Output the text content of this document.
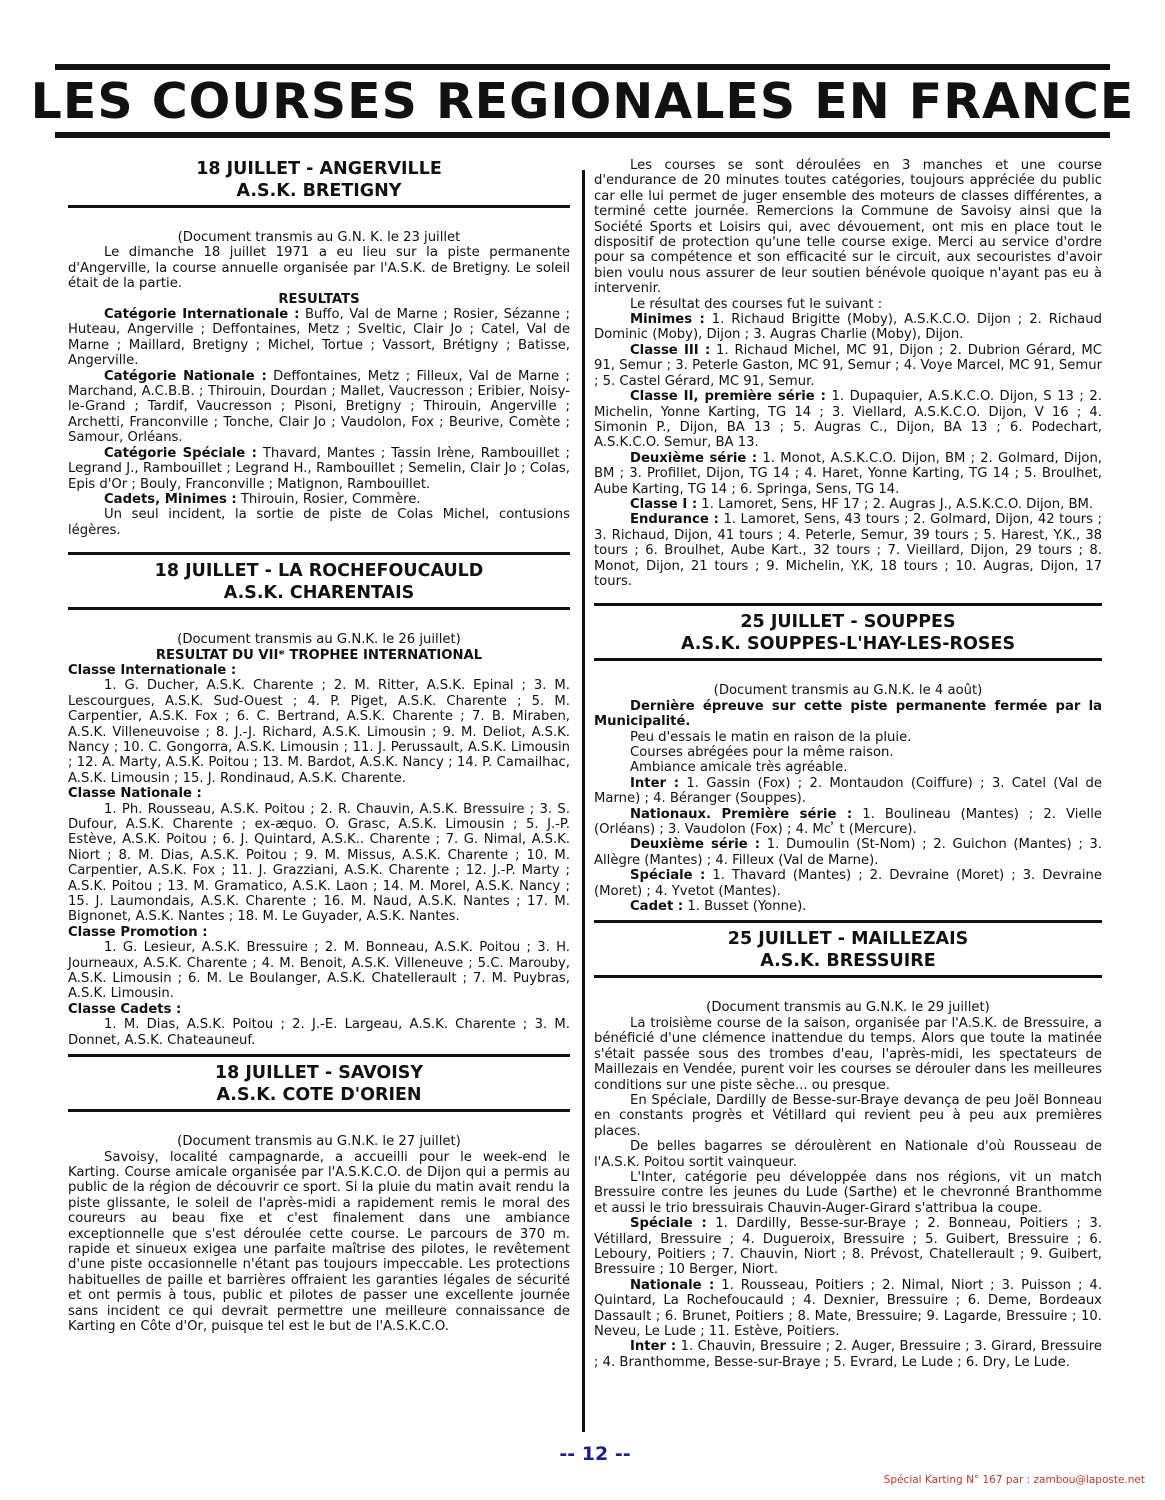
LES COURSES REGIONALES EN FRANCE
18 JUILLET - ANGERVILLE
A.S.K. BRETIGNY

(Document transmis au G.N. K. le 23 juillet

Le dimanche 18 juillet 1971 a eu lieu sur la piste permanente d'Angerville, la course annuelle organisée par l'A.S.K. de Bretigny. Le soleil était de la partie.

RESULTATS

Catégorie Internationale : Buffo, Val de Marne ; Rosier, Sézanne ; Huteau, Angerville ; Deffontaines, Metz ; Sveltic, Clair Jo ; Catel, Val de Marne ; Maillard, Bretigny ; Michel, Tortue ; Vassort, Brétigny ; Batisse, Angerville.

Catégorie Nationale : Deffontaines, Metz ; Filleux, Val de Marne ; Marchand, A.C.B.B. ; Thirouin, Dourdan ; Mallet, Vaucresson ; Eribier, Noisy-le-Grand ; Tardif, Vaucresson ; Pisoni, Bretigny ; Thirouin, Angerville ; Archetti, Franconville ; Tonche, Clair Jo ; Vaudolon, Fox ; Beurive, Comète ; Samour, Orléans.

Catégorie Spéciale : Thavard, Mantes ; Tassin Irène, Rambouillet ; Legrand J., Rambouillet ; Legrand H., Rambouillet ; Semelin, Clair Jo ; Colas, Epis d'Or ; Bouly, Franconville ; Matignon, Rambouillet.

Cadets, Minimes : Thirouin, Rosier, Commère.

Un seul incident, la sortie de piste de Colas Michel, contusions légères.

18 JUILLET - LA ROCHEFOUCAULD
A.S.K. CHARENTAIS

(Document transmis au G.N.K. le 26 juillet)

RESULTAT DU VIIᵉ TROPHEE INTERNATIONAL

Classe Internationale :

1. G. Ducher, A.S.K. Charente ; 2. M. Ritter, A.S.K. Epinal ; 3. M. Lescourgues, A.S.K. Sud-Ouest ; 4. P. Piget, A.S.K. Charente ; 5. M. Carpentier, A.S.K. Fox ; 6. C. Bertrand, A.S.K. Charente ; 7. B. Miraben, A.S.K. Villeneuvoise ; 8. J.-J. Richard, A.S.K. Limousin ; 9. M. Deliot, A.S.K. Nancy ; 10. C. Gongorra, A.S.K. Limousin ; 11. J. Perussault, A.S.K. Limousin ; 12. A. Marty, A.S.K. Poitou ; 13. M. Bardot, A.S.K. Nancy ; 14. P. Camailhac, A.S.K. Limousin ; 15. J. Rondinaud, A.S.K. Charente.

Classe Nationale :

1. Ph. Rousseau, A.S.K. Poitou ; 2. R. Chauvin, A.S.K. Bressuire ; 3. S. Dufour, A.S.K. Charente ; ex-æquo. O. Grasc, A.S.K. Limousin ; 5. J.-P. Estève, A.S.K. Poitou ; 6. J. Quintard, A.S.K.. Charente ; 7. G. Nimal, A.S.K. Niort ; 8. M. Dias, A.S.K. Poitou ; 9. M. Missus, A.S.K. Charente ; 10. M. Carpentier, A.S.K. Fox ; 11. J. Grazziani, A.S.K. Charente ; 12. J.-P. Marty ; A.S.K. Poitou ; 13. M. Gramatico, A.S.K. Laon ; 14. M. Morel, A.S.K. Nancy ; 15. J. Laumondais, A.S.K. Charente ; 16. M. Naud, A.S.K. Nantes ; 17. M. Bignonet, A.S.K. Nantes ; 18. M. Le Guyader, A.S.K. Nantes.

Classe Promotion :

1. G. Lesieur, A.S.K. Bressuire ; 2. M. Bonneau, A.S.K. Poitou ; 3. H. Journeaux, A.S.K. Charente ; 4. M. Benoit, A.S.K. Villeneuve ; 5.C. Marouby, A.S.K. Limousin ; 6. M. Le Boulanger, A.S.K. Chatellerault ; 7. M. Puybras, A.S.K. Limousin.

Classe Cadets :

1. M. Dias, A.S.K. Poitou ; 2. J.-E. Largeau, A.S.K. Charente ; 3. M. Donnet, A.S.K. Chateauneuf.

18 JUILLET - SAVOISY
A.S.K. COTE D'ORIEN

(Document transmis au G.N.K. le 27 juillet)

Savoisy, localité campagnarde, a accueilli pour le week-end le Karting. Course amicale organisée par l'A.S.K.C.O. de Dijon qui a permis au public de la région de découvrir ce sport. Si la pluie du matin avait rendu la piste glissante, le soleil de l'après-midi a rapidement remis le moral des coureurs au beau fixe et c'est finalement dans une ambiance exceptionnelle que s'est déroulée cette course. Le parcours de 370 m. rapide et sinueux exigea une parfaite maîtrise des pilotes, le revêtement d'une piste occasionnelle n'étant pas toujours impeccable. Les protections habituelles de paille et barrières offraient les garanties légales de sécurité et ont permis à tous, public et pilotes de passer une excellente journée sans incident ce qui devrait permettre une meilleure connaissance de Karting en Côte d'Or, puisque tel est le but de l'A.S.K.C.O.

Les courses se sont déroulées en 3 manches et une course d'endurance de 20 minutes toutes catégories, toujours appréciée du public car elle lui permet de juger ensemble des moteurs de classes différentes, a terminé cette journée. Remercions la Commune de Savoisy ainsi que la Société Sports et Loisirs qui, avec dévouement, ont mis en place tout le dispositif de protection qu'une telle course exige. Merci au service d'ordre pour sa compétence et son efficacité sur le circuit, aux secouristes d'avoir bien voulu nous assurer de leur soutien bénévole quoique n'ayant pas eu à intervenir.

Le résultat des courses fut le suivant :

Minimes : 1. Richaud Brigitte (Moby), A.S.K.C.O. Dijon ; 2. Richaud Dominic (Moby), Dijon ; 3. Augras Charlie (Moby), Dijon.

Classe III : 1. Richaud Michel, MC 91, Dijon ; 2. Dubrion Gérard, MC 91, Semur ; 3. Peterle Gaston, MC 91, Semur ; 4. Voye Marcel, MC 91, Semur ; 5. Castel Gérard, MC 91, Semur.

Classe II, première série : 1. Dupaquier, A.S.K.C.O. Dijon, S 13 ; 2. Michelin, Yonne Karting, TG 14 ; 3. Viellard, A.S.K.C.O. Dijon, V 16 ; 4. Simonin P., Dijon, BA 13 ; 5. Augras C., Dijon, BA 13 ; 6. Podechart, A.S.K.C.O. Semur, BA 13.

Deuxième série : 1. Monot, A.S.K.C.O. Dijon, BM ; 2. Golmard, Dijon, BM ; 3. Profillet, Dijon, TG 14 ; 4. Haret, Yonne Karting, TG 14 ; 5. Broulhet, Aube Karting, TG 14 ; 6. Springa, Sens, TG 14.

Classe I : 1. Lamoret, Sens, HF 17 ; 2. Augras J., A.S.K.C.O. Dijon, BM.

Endurance : 1. Lamoret, Sens, 43 tours ; 2. Golmard, Dijon, 42 tours ; 3. Richaud, Dijon, 41 tours ; 4. Peterle, Semur, 39 tours ; 5. Harest, Y.K., 38 tours ; 6. Broulhet, Aube Kart., 32 tours ; 7. Vieillard, Dijon, 29 tours ; 8. Monot, Dijon, 21 tours ; 9. Michelin, Y.K, 18 tours ; 10. Augras, Dijon, 17 tours.

25 JUILLET - SOUPPES
A.S.K. SOUPPES-L'HAY-LES-ROSES

(Document transmis au G.N.K. le 4 août)

Dernière épreuve sur cette piste permanente fermée par la Municipalité.

Peu d'essais le matin en raison de la pluie.

Courses abrégées pour la même raison.

Ambiance amicale très agréable.

Inter : 1. Gassin (Fox) ; 2. Montaudon (Coiffure) ; 3. Catel (Val de Marne) ; 4. Béranger (Souppes).

Nationaux. Première série : 1. Boulineau (Mantes) ; 2. Vielle (Orléans) ; 3. Vaudolon (Fox) ; 4. Mc ̓ t (Mercure).

Deuxième série : 1. Dumoulin (St-Nom) ; 2. Guichon (Mantes) ; 3. Allègre (Mantes) ; 4. Filleux (Val de Marne).

Spéciale : 1. Thavard (Mantes) ; 2. Devraine (Moret) ; 3. Devraine (Moret) ; 4. Yvetot (Mantes).

Cadet : 1. Busset (Yonne).

25 JUILLET - MAILLEZAIS
A.S.K. BRESSUIRE

(Document transmis au G.N.K. le 29 juillet)

La troisième course de la saison, organisée par l'A.S.K. de Bressuire, a bénéficié d'une clémence inattendue du temps. Alors que toute la matinée s'était passée sous des trombes d'eau, l'après-midi, les spectateurs de Maillezais en Vendée, purent voir les courses se dérouler dans les meilleures conditions sur une piste sèche... ou presque.

En Spéciale, Dardilly de Besse-sur-Braye devança de peu Joël Bonneau en constants progrès et Vétillard qui revient peu à peu aux premières places.

De belles bagarres se déroulèrent en Nationale d'où Rousseau de l'A.S.K. Poitou sortit vainqueur.

L'Inter, catégorie peu développée dans nos régions, vit un match Bressuire contre les jeunes du Lude (Sarthe) et le chevronné Branthomme et aussi le trio bressuirais Chauvin-Auger-Girard s'attribua la coupe.

Spéciale : 1. Dardilly, Besse-sur-Braye ; 2. Bonneau, Poitiers ; 3. Vétillard, Bressuire ; 4. Dugueroix, Bressuire ; 5. Guibert, Bressuire ; 6. Leboury, Poitiers ; 7. Chauvin, Niort ; 8. Prévost, Chatellerault ; 9. Guibert, Bressuire ; 10 Berger, Niort.

Nationale : 1. Rousseau, Poitiers ; 2. Nimal, Niort ; 3. Puisson ; 4. Quintard, La Rochefoucauld ; 4. Dexnier, Bressuire ; 6. Deme, Bordeaux Dassault ; 6. Brunet, Poitiers ; 8. Mate, Bressuire; 9. Lagarde, Bressuire ; 10. Neveu, Le Lude ; 11. Estève, Poitiers.

Inter : 1. Chauvin, Bressuire ; 2. Auger, Bressuire ; 3. Girard, Bressuire ; 4. Branthomme, Besse-sur-Braye ; 5. Evrard, Le Lude ; 6. Dry, Le Lude.

-- 12 --
Spécial Karting N° 167 par : zambou@laposte.net
